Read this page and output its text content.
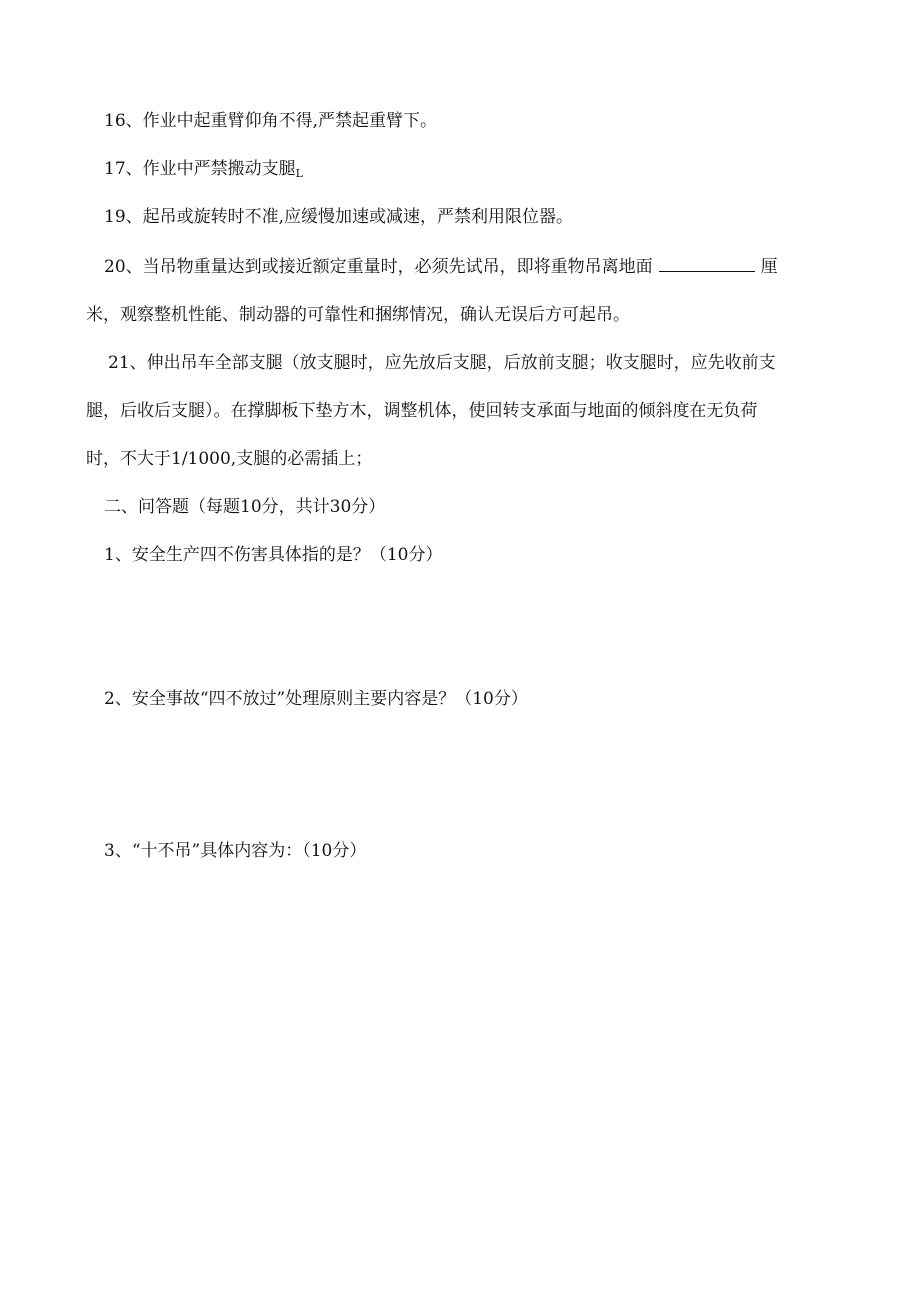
16、作业中起重臂仰角不得,严禁起重臂下。
17、作业中严禁搬动支腿$_L$
19、起吊或旋转时不准,应缓慢加速或减速，严禁利用限位器。
20、当吊物重量达到或接近额定重量时，必须先试吊，即将重物吊离地面	厘
米，观察整机性能、制动器的可靠性和捆绑情况，确认无误后方可起吊。
21、伸出吊车全部支腿（放支腿时，应先放后支腿，后放前支腿；收支腿时，应先收前支
腿，后收后支腿）。在撑脚板下垫方木，调整机体，使回转支承面与地面的倾斜度在无负荷
时，不大于1/1000,支腿的必需插上；
二、问答题（每题10分，共计30分）
1、安全生产四不伤害具体指的是？（10分）
2、安全事故“四不放过”处理原则主要内容是？（10分）
3、“十不吊”具体内容为：（10分）
